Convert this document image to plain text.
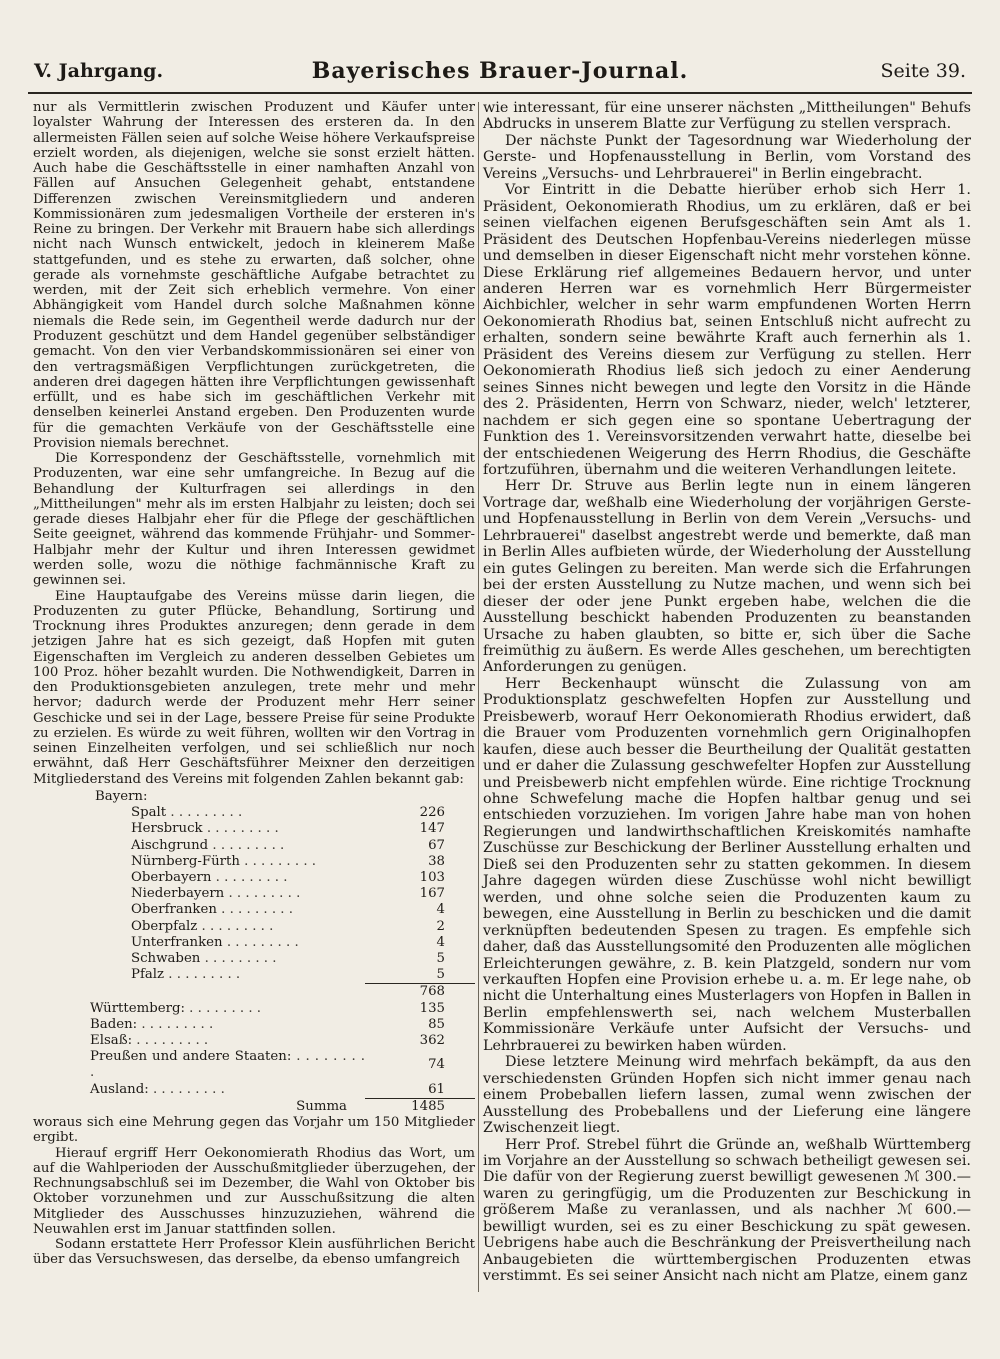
V. Jahrgang.	Bayerisches Brauer-Journal.	Seite 39.

nur als Vermittlerin zwischen Produzent und Käufer unter loyalster Wahrung der Interessen des ersteren da. In den allermeisten Fällen seien auf solche Weise höhere Verkaufspreise erzielt worden, als diejenigen, welche sie sonst erzielt hätten. Auch habe die Geschäftsstelle in einer namhaften Anzahl von Fällen auf Ansuchen Gelegenheit gehabt, entstandene Differenzen zwischen Vereinsmitgliedern und anderen Kommissionären zum jedesmaligen Vortheile der ersteren in's Reine zu bringen. Der Verkehr mit Brauern habe sich allerdings nicht nach Wunsch entwickelt, jedoch in kleinerem Maße stattgefunden, und es stehe zu erwarten, daß solcher, ohne gerade als vornehmste geschäftliche Aufgabe betrachtet zu werden, mit der Zeit sich erheblich vermehre. Von einer Abhängigkeit vom Handel durch solche Maßnahmen könne niemals die Rede sein, im Gegentheil werde dadurch nur der Produzent geschützt und dem Handel gegenüber selbständiger gemacht. Von den vier Verbandskommissionären sei einer von den vertragsmäßigen Verpflichtungen zurückgetreten, die anderen drei dagegen hätten ihre Verpflichtungen gewissenhaft erfüllt, und es habe sich im geschäftlichen Verkehr mit denselben keinerlei Anstand ergeben. Den Produzenten wurde für die gemachten Verkäufe von der Geschäftsstelle eine Provision niemals berechnet.

Die Korrespondenz der Geschäftsstelle, vornehmlich mit Produzenten, war eine sehr umfangreiche. In Bezug auf die Behandlung der Kulturfragen sei allerdings in den „Mittheilungen" mehr als im ersten Halbjahr zu leisten; doch sei gerade dieses Halbjahr eher für die Pflege der geschäftlichen Seite geeignet, während das kommende Frühjahr- und Sommer-Halbjahr mehr der Kultur und ihren Interessen gewidmet werden solle, wozu die nöthige fachmännische Kraft zu gewinnen sei.

Eine Hauptaufgabe des Vereins müsse darin liegen, die Produzenten zu guter Pflücke, Behandlung, Sortirung und Trocknung ihres Produktes anzuregen; denn gerade in dem jetzigen Jahre hat es sich gezeigt, daß Hopfen mit guten Eigenschaften im Vergleich zu anderen desselben Gebietes um 100 Proz. höher bezahlt wurden. Die Nothwendigkeit, Darren in den Produktionsgebieten anzulegen, trete mehr und mehr hervor; dadurch werde der Produzent mehr Herr seiner Geschicke und sei in der Lage, bessere Preise für seine Produkte zu erzielen. Es würde zu weit führen, wollten wir den Vortrag in seinen Einzelheiten verfolgen, und sei schließlich nur noch erwähnt, daß Herr Geschäftsführer Meixner den derzeitigen Mitgliederstand des Vereins mit folgenden Zahlen bekannt gab:

Bayern:	
Spalt . . . . . . . . .	226
Hersbruck . . . . . . . . .	147
Aischgrund . . . . . . . . .	67
Nürnberg-Fürth . . . . . . . . .	38
Oberbayern . . . . . . . . .	103
Niederbayern . . . . . . . . .	167
Oberfranken . . . . . . . . .	4
Oberpfalz . . . . . . . . .	2
Unterfranken . . . . . . . . .	4
Schwaben . . . . . . . . .	5
Pfalz . . . . . . . . .	5
	768
Württemberg: . . . . . . . . .	135
Baden: . . . . . . . . .	85
Elsaß: . . . . . . . . .	362
Preußen und andere Staaten: . . . . . . . . .	74
Ausland: . . . . . . . . .	61
Summa	1485

woraus sich eine Mehrung gegen das Vorjahr um 150 Mitglieder ergibt.

Hierauf ergriff Herr Oekonomierath Rhodius das Wort, um auf die Wahlperioden der Ausschußmitglieder überzugehen, der Rechnungsabschluß sei im Dezember, die Wahl von Oktober bis Oktober vorzunehmen und zur Ausschußsitzung die alten Mitglieder des Ausschusses hinzuzuziehen, während die Neuwahlen erst im Januar stattfinden sollen.

Sodann erstattete Herr Professor Klein ausführlichen Bericht über das Versuchswesen, das derselbe, da ebenso umfangreich

wie interessant, für eine unserer nächsten „Mittheilungen" Behufs Abdrucks in unserem Blatte zur Verfügung zu stellen versprach.

Der nächste Punkt der Tagesordnung war Wiederholung der Gerste- und Hopfenausstellung in Berlin, vom Vorstand des Vereins „Versuchs- und Lehrbrauerei" in Berlin eingebracht.

Vor Eintritt in die Debatte hierüber erhob sich Herr 1. Präsident, Oekonomierath Rhodius, um zu erklären, daß er bei seinen vielfachen eigenen Berufsgeschäften sein Amt als 1. Präsident des Deutschen Hopfenbau-Vereins niederlegen müsse und demselben in dieser Eigenschaft nicht mehr vorstehen könne. Diese Erklärung rief allgemeines Bedauern hervor, und unter anderen Herren war es vornehmlich Herr Bürgermeister Aichbichler, welcher in sehr warm empfundenen Worten Herrn Oekonomierath Rhodius bat, seinen Entschluß nicht aufrecht zu erhalten, sondern seine bewährte Kraft auch fernerhin als 1. Präsident des Vereins diesem zur Verfügung zu stellen. Herr Oekonomierath Rhodius ließ sich jedoch zu einer Aenderung seines Sinnes nicht bewegen und legte den Vorsitz in die Hände des 2. Präsidenten, Herrn von Schwarz, nieder, welch' letzterer, nachdem er sich gegen eine so spontane Uebertragung der Funktion des 1. Vereinsvorsitzenden verwahrt hatte, dieselbe bei der entschiedenen Weigerung des Herrn Rhodius, die Geschäfte fortzuführen, übernahm und die weiteren Verhandlungen leitete.

Herr Dr. Struve aus Berlin legte nun in einem längeren Vortrage dar, weßhalb eine Wiederholung der vorjährigen Gerste- und Hopfenausstellung in Berlin von dem Verein „Versuchs- und Lehrbrauerei" daselbst angestrebt werde und bemerkte, daß man in Berlin Alles aufbieten würde, der Wiederholung der Ausstellung ein gutes Gelingen zu bereiten. Man werde sich die Erfahrungen bei der ersten Ausstellung zu Nutze machen, und wenn sich bei dieser der oder jene Punkt ergeben habe, welchen die die Ausstellung beschickt habenden Produzenten zu beanstanden Ursache zu haben glaubten, so bitte er, sich über die Sache freimüthig zu äußern. Es werde Alles geschehen, um berechtigten Anforderungen zu genügen.

Herr Beckenhaupt wünscht die Zulassung von am Produktionsplatz geschwefelten Hopfen zur Ausstellung und Preisbewerb, worauf Herr Oekonomierath Rhodius erwidert, daß die Brauer vom Produzenten vornehmlich gern Originalhopfen kaufen, diese auch besser die Beurtheilung der Qualität gestatten und er daher die Zulassung geschwefelter Hopfen zur Ausstellung und Preisbewerb nicht empfehlen würde. Eine richtige Trocknung ohne Schwefelung mache die Hopfen haltbar genug und sei entschieden vorzuziehen. Im vorigen Jahre habe man von hohen Regierungen und landwirthschaftlichen Kreiskomités namhafte Zuschüsse zur Beschickung der Berliner Ausstellung erhalten und Dieß sei den Produzenten sehr zu statten gekommen. In diesem Jahre dagegen würden diese Zuschüsse wohl nicht bewilligt werden, und ohne solche seien die Produzenten kaum zu bewegen, eine Ausstellung in Berlin zu beschicken und die damit verknüpften bedeutenden Spesen zu tragen. Es empfehle sich daher, daß das Ausstellungsomité den Produzenten alle möglichen Erleichterungen gewähre, z. B. kein Platzgeld, sondern nur vom verkauften Hopfen eine Provision erhebe u. a. m. Er lege nahe, ob nicht die Unterhaltung eines Musterlagers von Hopfen in Ballen in Berlin empfehlenswerth sei, nach welchem Musterballen Kommissionäre Verkäufe unter Aufsicht der Versuchs- und Lehrbrauerei zu bewirken haben würden.

Diese letztere Meinung wird mehrfach bekämpft, da aus den verschiedensten Gründen Hopfen sich nicht immer genau nach einem Probeballen liefern lassen, zumal wenn zwischen der Ausstellung des Probeballens und der Lieferung eine längere Zwischenzeit liegt.

Herr Prof. Strebel führt die Gründe an, weßhalb Württemberg im Vorjahre an der Ausstellung so schwach betheiligt gewesen sei. Die dafür von der Regierung zuerst bewilligt gewesenen ℳ 300.— waren zu geringfügig, um die Produzenten zur Beschickung in größerem Maße zu veranlassen, und als nachher ℳ 600.— bewilligt wurden, sei es zu einer Beschickung zu spät gewesen. Uebrigens habe auch die Beschränkung der Preisvertheilung nach Anbaugebieten die württembergischen Produzenten etwas verstimmt. Es sei seiner Ansicht nach nicht am Platze, einem ganz
